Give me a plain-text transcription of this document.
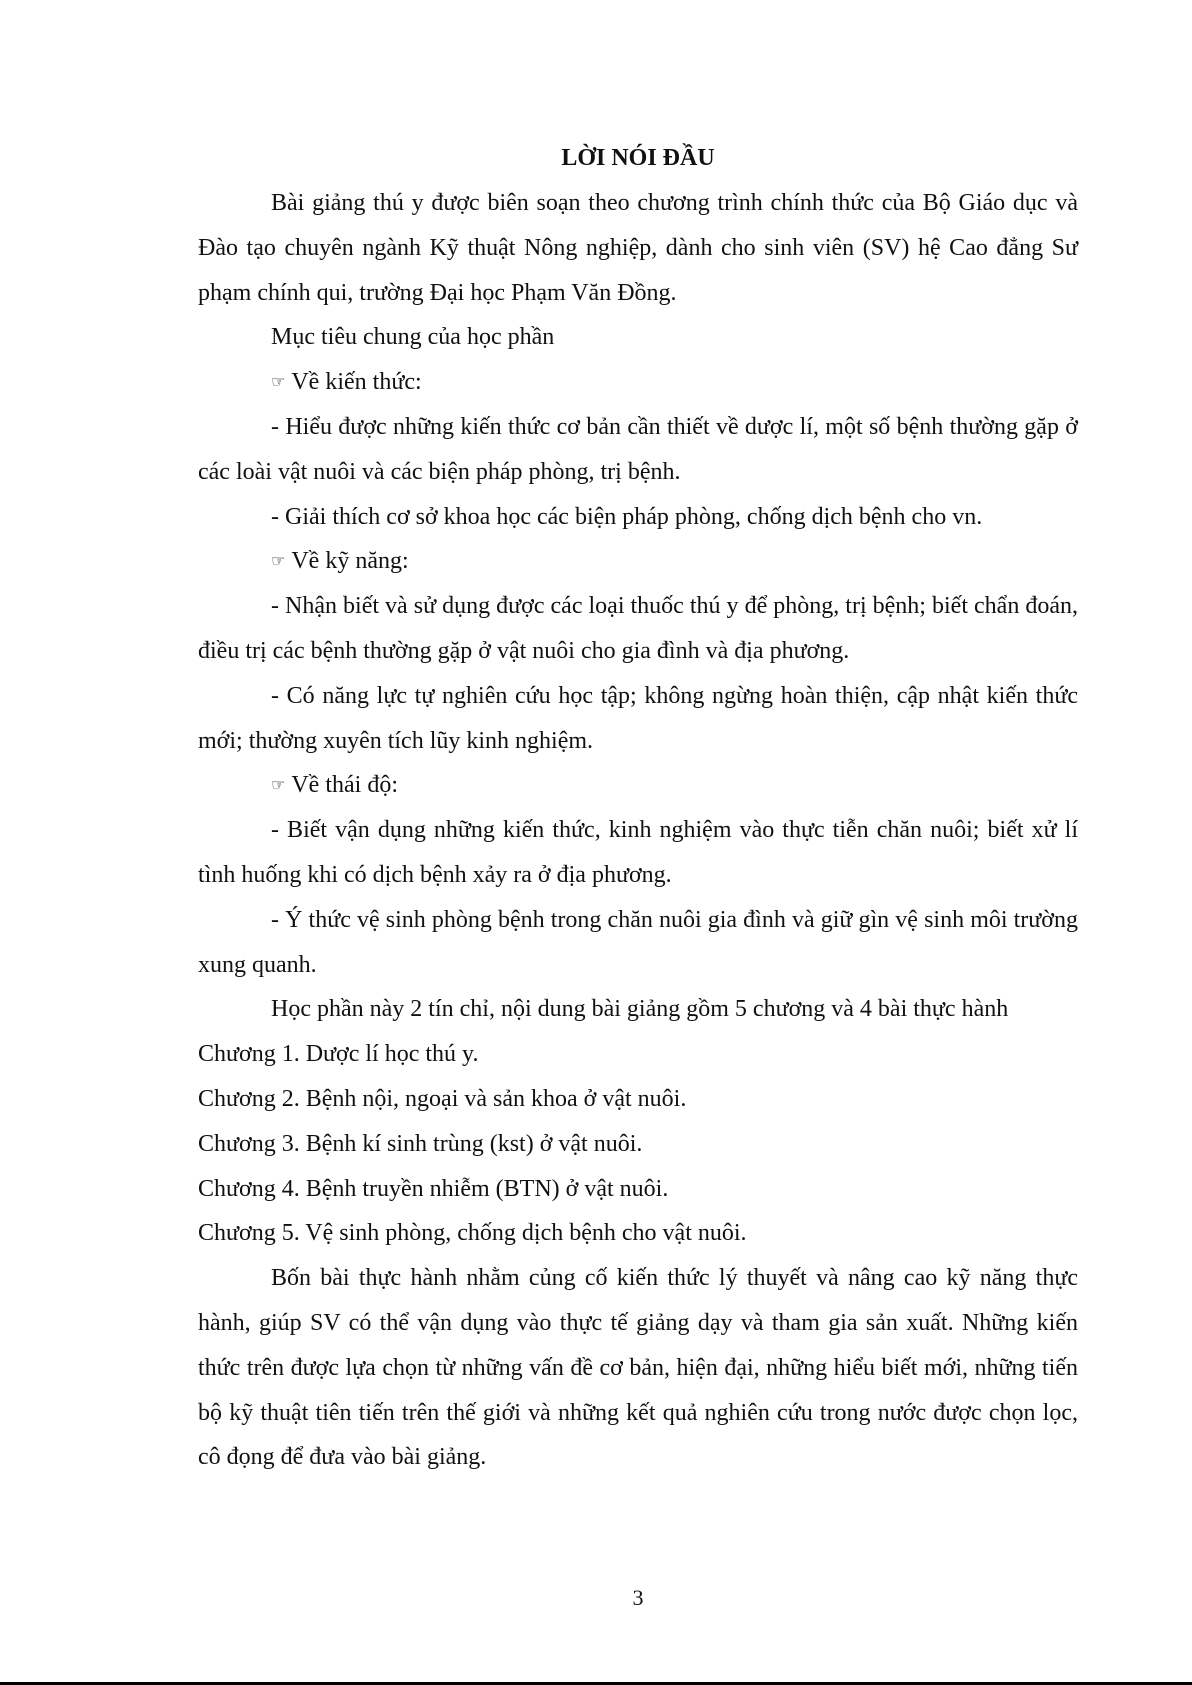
LỜI NÓI ĐẦU

Bài giảng thú y được biên soạn theo chương trình chính thức của Bộ Giáo dục và Đào tạo chuyên ngành Kỹ thuật Nông nghiệp, dành cho sinh viên (SV) hệ Cao đẳng Sư phạm chính qui, trường Đại học Phạm Văn Đồng.

Mục tiêu chung của học phần

☞ Về kiến thức:

- Hiểu được những kiến thức cơ bản cần thiết về dược lí, một số bệnh thường gặp ở các loài vật nuôi và các biện pháp phòng, trị bệnh.

- Giải thích cơ sở khoa học các biện pháp phòng, chống dịch bệnh cho vn.

☞ Về kỹ năng:

- Nhận biết và sử dụng được các loại thuốc thú y để phòng, trị bệnh; biết chẩn đoán, điều trị các bệnh thường gặp ở vật nuôi cho gia đình và địa phương.

- Có năng lực tự nghiên cứu học tập; không ngừng hoàn thiện, cập nhật kiến thức mới; thường xuyên tích lũy kinh nghiệm.

☞ Về thái độ:

- Biết vận dụng những kiến thức, kinh nghiệm vào thực tiễn chăn nuôi; biết xử lí tình huống khi có dịch bệnh xảy ra ở địa phương.

- Ý thức vệ sinh phòng bệnh trong chăn nuôi gia đình và giữ gìn vệ sinh môi trường xung quanh.

Học phần này 2 tín chỉ, nội dung bài giảng gồm 5 chương và 4 bài thực hành

Chương 1. Dược lí học thú y.

Chương 2. Bệnh nội, ngoại và sản khoa ở vật nuôi.

Chương 3. Bệnh kí sinh trùng (kst) ở vật nuôi.

Chương 4. Bệnh truyền nhiễm (BTN) ở vật nuôi.

Chương 5. Vệ sinh phòng, chống dịch bệnh cho vật nuôi.

Bốn bài thực hành nhằm củng cố kiến thức lý thuyết và nâng cao kỹ năng thực hành, giúp SV có thể vận dụng vào thực tế giảng dạy và tham gia sản xuất. Những kiến thức trên được lựa chọn từ những vấn đề cơ bản, hiện đại, những hiểu biết mới, những tiến bộ kỹ thuật tiên tiến trên thế giới và những kết quả nghiên cứu trong nước được chọn lọc, cô đọng để đưa vào bài giảng.

3
